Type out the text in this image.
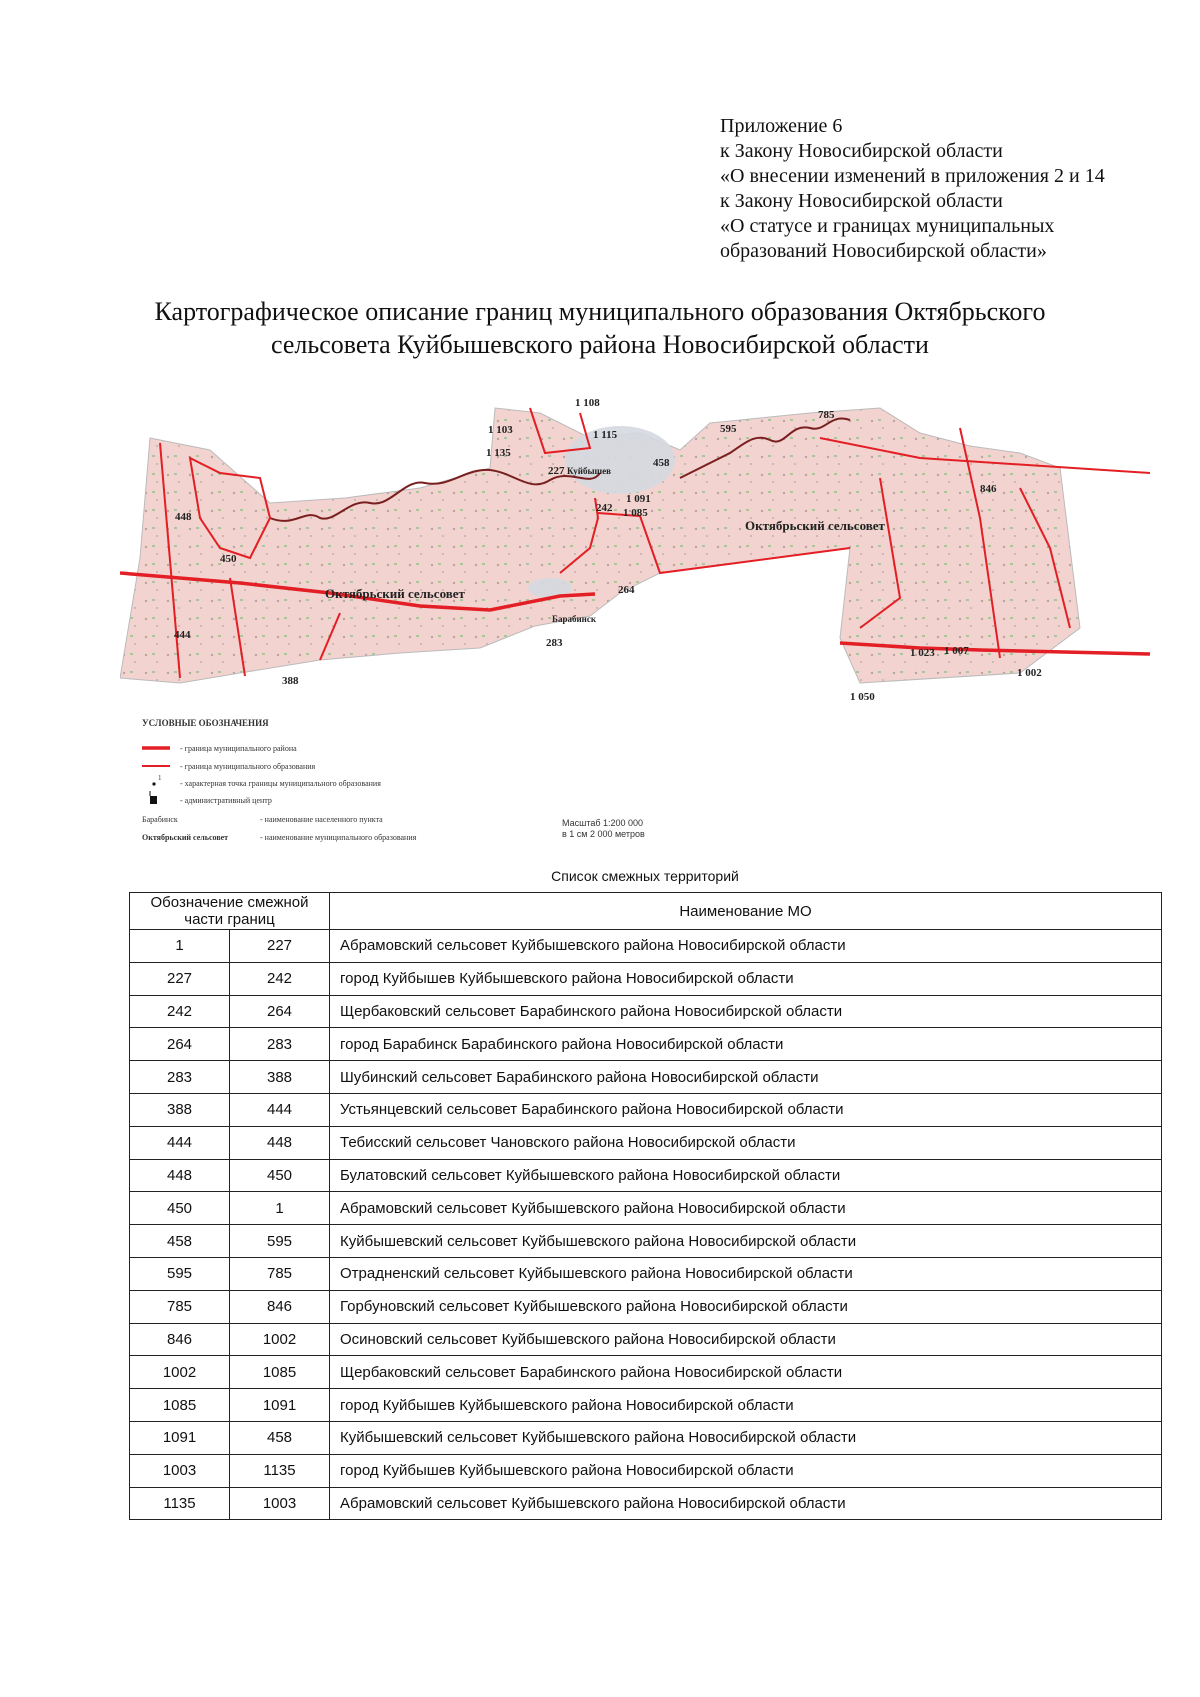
Приложение 6
к Закону Новосибирской области
«О внесении изменений в приложения 2 и 14
к Закону Новосибирской области
«О статусе и границах муниципальных
образований Новосибирской области»
Картографическое описание границ муниципального образования Октябрьского
сельсовета Куйбышевского района Новосибирской области
1 108
1 103	1 115
1 135
227 Куйбышев
595
785
458
1 091
242 1 085
846
448
450
264
Барабинск
283
444
388
1 023 1 007
1 002
1 050
Октябрьский сельсовет
Октябрьский сельсовет
УСЛОВНЫЕ ОБОЗНАЧЕНИЯ
- граница муниципального района
- граница муниципального образования
1
- характерная точка границы муниципального образования
- административный центр
Барабинск	- наименование населенного пункта
Октябрьский сельсовет	- наименование муниципального образования
Масштаб 1:200 000
в 1 см 2 000 метров
Список смежных территорий
Обозначение смежной части границ		Наименование МО
1	227	Абрамовский сельсовет Куйбышевского района Новосибирской области
227	242	город Куйбышев Куйбышевского района Новосибирской области
242	264	Щербаковский сельсовет Барабинского района Новосибирской области
264	283	город Барабинск Барабинского района Новосибирской области
283	388	Шубинский сельсовет Барабинского района Новосибирской области
388	444	Устьянцевский сельсовет Барабинского района Новосибирской области
444	448	Тебисский сельсовет Чановского района Новосибирской области
448	450	Булатовский сельсовет Куйбышевского района Новосибирской области
450	1	Абрамовский сельсовет Куйбышевского района Новосибирской области
458	595	Куйбышевский сельсовет Куйбышевского района Новосибирской области
595	785	Отрадненский сельсовет Куйбышевского района Новосибирской области
785	846	Горбуновский сельсовет Куйбышевского района Новосибирской области
846	1002	Осиновский сельсовет Куйбышевского района Новосибирской области
1002	1085	Щербаковский сельсовет Барабинского района Новосибирской области
1085	1091	город Куйбышев Куйбышевского района Новосибирской области
1091	458	Куйбышевский сельсовет Куйбышевского района Новосибирской области
1003	1135	город Куйбышев Куйбышевского района Новосибирской области
1135	1003	Абрамовский сельсовет Куйбышевского района Новосибирской области
